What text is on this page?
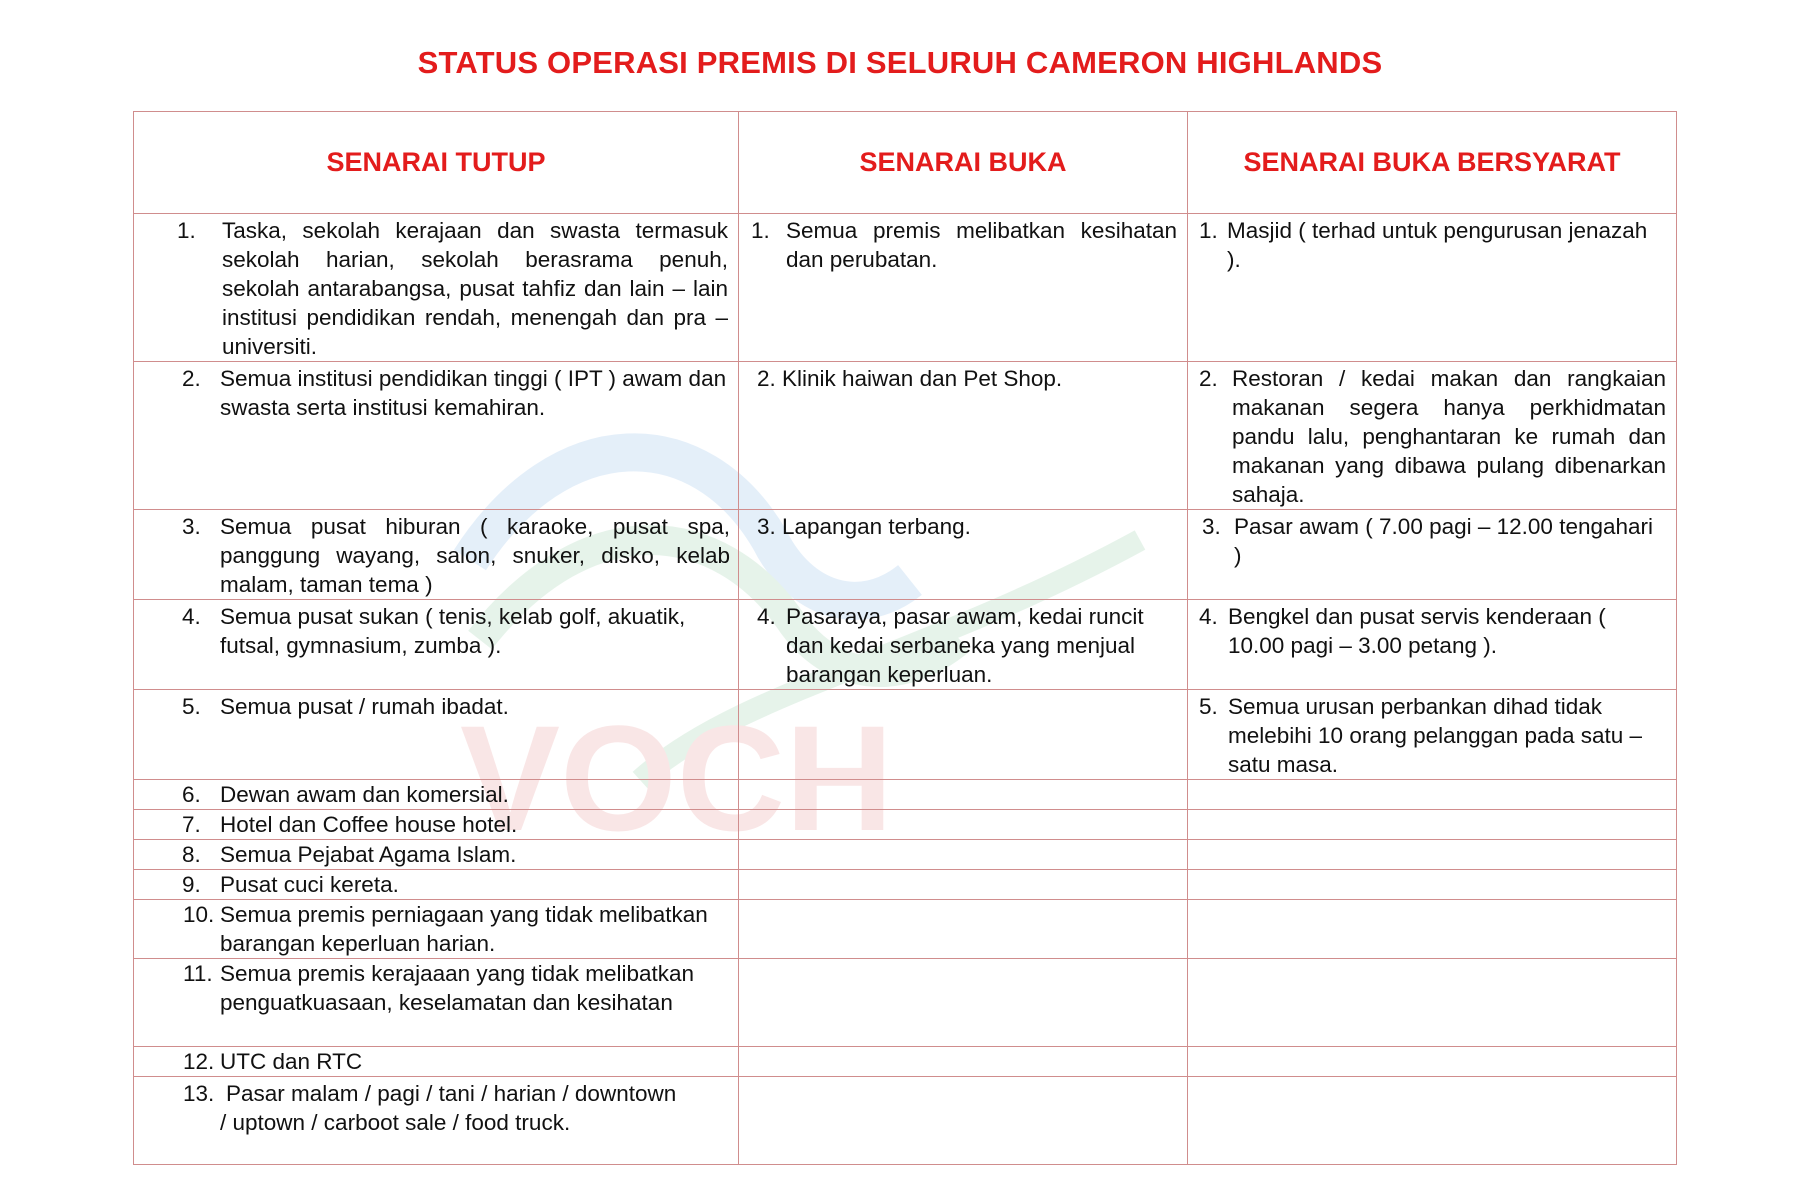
STATUS OPERASI PREMIS DI SELURUH CAMERON HIGHLANDS
VOCH
SENARAI TUTUP	SENARAI BUKA	SENARAI BUKA BERSYARAT

1. Taska, sekolah kerajaan dan swasta termasuk sekolah harian, sekolah berasrama penuh, sekolah antarabangsa, pusat tahfiz dan lain – lain institusi pendidikan rendah, menengah dan pra – universiti.	1. Semua premis melibatkan kesihatan dan perubatan.	1. Masjid ( terhad untuk pengurusan jenazah ).

2. Semua institusi pendidikan tinggi ( IPT ) awam dan swasta serta institusi kemahiran.	2. Klinik haiwan dan Pet Shop.	2. Restoran / kedai makan dan rangkaian makanan segera hanya perkhidmatan pandu lalu, penghantaran ke rumah dan makanan yang dibawa pulang dibenarkan sahaja.

3. Semua pusat hiburan ( karaoke, pusat spa, panggung wayang, salon, snuker, disko, kelab malam, taman tema )	3. Lapangan terbang.	3. Pasar awam ( 7.00 pagi – 12.00 tengahari )

4. Semua pusat sukan ( tenis, kelab golf, akuatik, futsal, gymnasium, zumba ).	4. Pasaraya, pasar awam, kedai runcit dan kedai serbaneka yang menjual barangan keperluan.	4. Bengkel dan pusat servis kenderaan ( 10.00 pagi – 3.00 petang ).

5. Semua pusat / rumah ibadat.		5. Semua urusan perbankan dihad tidak melebihi 10 orang pelanggan pada satu – satu masa.

6. Dewan awam dan komersial.		

7. Hotel dan Coffee house hotel.		

8. Semua Pejabat Agama Islam.		

9. Pusat cuci kereta.		

10. Semua premis perniagaan yang tidak melibatkan barangan keperluan harian.		

11. Semua premis kerajaaan yang tidak melibatkan penguatkuasaan, keselamatan dan kesihatan		

12. UTC dan RTC		

13. Pasar malam / pagi / tani / harian / downtown / uptown / carboot sale / food truck.		
